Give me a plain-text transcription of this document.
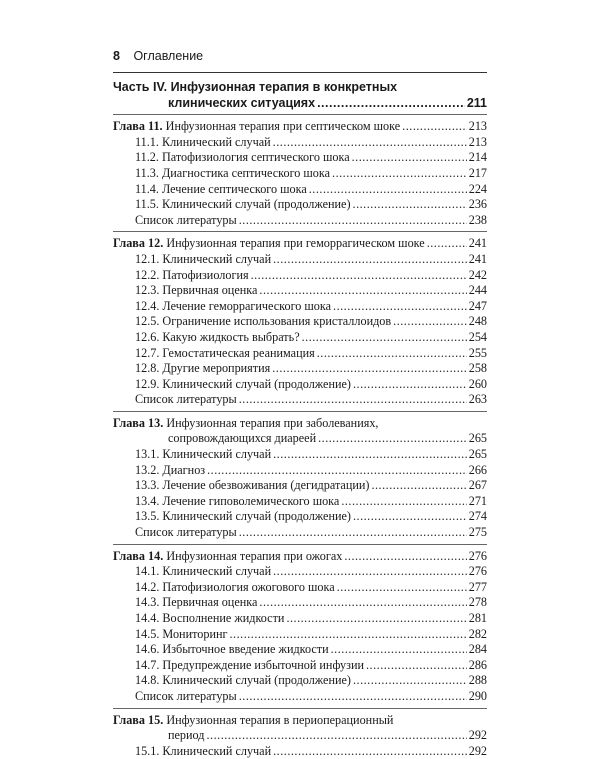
8 Оглавление
Часть IV. Инфузионная терапия в конкретных
клинических ситуациях .....	211
Глава 11. Инфузионная терапия при септическом шоке .....	213
11.1. Клинический случай .....	213
11.2. Патофизиология септического шока .....	214
11.3. Диагностика септического шока .....	217
11.4. Лечение септического шока .....	224
11.5. Клинический случай (продолжение) .....	236
Список литературы .....	238
Глава 12. Инфузионная терапия при геморрагическом шоке .....	241
12.1. Клинический случай .....	241
12.2. Патофизиология .....	242
12.3. Первичная оценка .....	244
12.4. Лечение геморрагического шока .....	247
12.5. Ограничение использования кристаллоидов .....	248
12.6. Какую жидкость выбрать? .....	254
12.7. Гемостатическая реанимация .....	255
12.8. Другие мероприятия .....	258
12.9. Клинический случай (продолжение) .....	260
Список литературы .....	263
Глава 13. Инфузионная терапия при заболеваниях,
сопровождающихся диареей .....	265
13.1. Клинический случай .....	265
13.2. Диагноз .....	266
13.3. Лечение обезвоживания (дегидратации) .....	267
13.4. Лечение гиповолемического шока .....	271
13.5. Клинический случай (продолжение) .....	274
Список литературы .....	275
Глава 14. Инфузионная терапия при ожогах .....	276
14.1. Клинический случай .....	276
14.2. Патофизиология ожогового шока .....	277
14.3. Первичная оценка .....	278
14.4. Восполнение жидкости .....	281
14.5. Мониторинг .....	282
14.6. Избыточное введение жидкости .....	284
14.7. Предупреждение избыточной инфузии .....	286
14.8. Клинический случай (продолжение) .....	288
Список литературы .....	290
Глава 15. Инфузионная терапия в периоперационный
период .....	292
15.1. Клинический случай .....	292
